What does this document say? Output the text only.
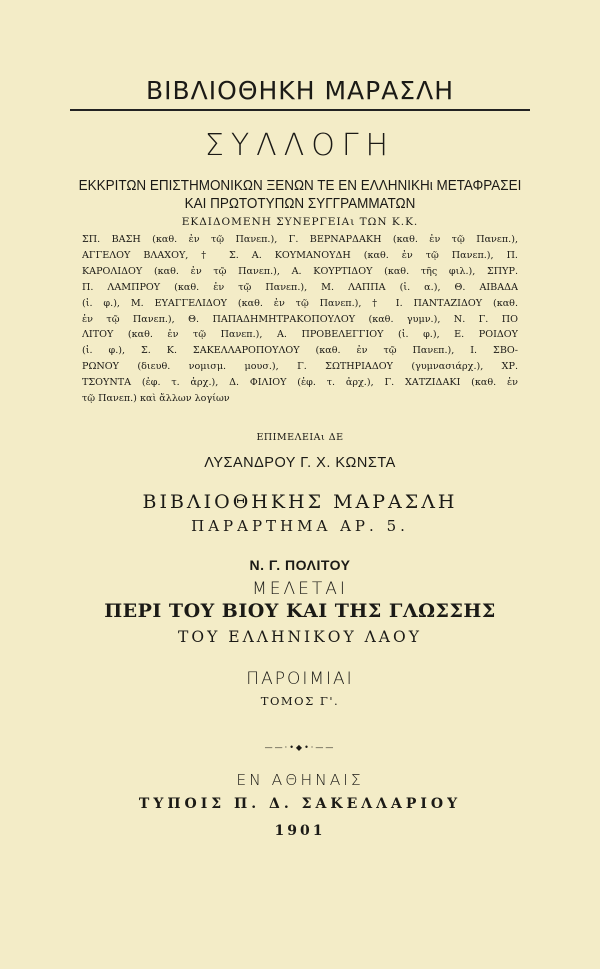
ΒΙΒΛΙΟΘΗΚΗ ΜΑΡΑΣΛΗ
ΣΥΛΛΟΓΗ
ΕΚΚΡΙΤΩΝ ΕΠΙΣΤΗΜΟΝΙΚΩΝ ΞΕΝΩΝ ΤΕ ΕΝ ΕΛΛΗΝΙΚΗι ΜΕΤΑΦΡΑΣΕΙ
ΚΑΙ ΠΡΩΤΟΤΥΠΩΝ ΣΥΓΓΡΑΜΜΑΤΩΝ
ΕΚΔΙΔΟΜΕΝΗ ΣΥΝΕΡΓΕΙΑι ΤΩΝ Κ.Κ.
ΣΠ. ΒΑΣΗ (καθ. ἐν τῷ Πανεπ.), Γ. ΒΕΡΝΑΡΔΑΚΗ (καθ. ἐν τῷ Πανεπ.),
ΑΓΓΕΛΟΥ ΒΛΑΧΟΥ, † Σ. Α. ΚΟΥΜΑΝΟΥΔΗ (καθ. ἐν τῷ Πανεπ.), Π.
ΚΑΡΟΛΙΔΟΥ (καθ. ἐν τῷ Πανεπ.), Α. ΚΟΥΡΤΙΔΟΥ (καθ. τῆς φιλ.), ΣΠΥΡ.
Π. ΛΑΜΠΡΟΥ (καθ. ἐν τῷ Πανεπ.), Μ. ΛΑΠΠΑ (ἰ. α.), Θ. ΑΙΒΑΔΑ
(ἰ. φ.), Μ. ΕΥΑΓΓΕΛΙΔΟΥ (καθ. ἐν τῷ Πανεπ.), † Ι. ΠΑΝΤΑΖΙΔΟΥ (καθ.
ἐν τῷ Πανεπ.), Θ. ΠΑΠΑΔΗΜΗΤΡΑΚΟΠΟΥΛΟΥ (καθ. γυμν.), Ν. Γ. ΠΟ
ΛΙΤΟΥ (καθ. ἐν τῷ Πανεπ.), Α. ΠΡΟΒΕΛΕΓΓΙΟΥ (ἰ. φ.), Ε. ΡΟΙΔΟΥ
(ἰ. φ.), Σ. Κ. ΣΑΚΕΛΛΑΡΟΠΟΥΛΟΥ (καθ. ἐν τῷ Πανεπ.), Ι. ΣΒΟ-
ΡΩΝΟΥ (διευθ. νομισμ. μουσ.), Γ. ΣΩΤΗΡΙΑΔΟΥ (γυμνασιάρχ.), ΧΡ.
ΤΣΟΥΝΤΑ (ἐφ. τ. ἀρχ.), Δ. ΦΙΛΙΟΥ (ἐφ. τ. ἀρχ.), Γ. ΧΑΤΖΙΔΑΚΙ (καθ. ἐν
τῷ Πανεπ.) καὶ ἄλλων λογίων
ΕΠΙΜΕΛΕΙΑι ΔΕ
ΛΥΣΑΝΔΡΟΥ Γ. Χ. ΚΩΝΣΤΑ
ΒΙΒΛΙΟΘΗΚΗΣ ΜΑΡΑΣΛΗ
ΠΑΡΑΡΤΗΜΑ ΑΡ. 5.
Ν. Γ. ΠΟΛΙΤΟΥ
ΜΕΛΕΤΑΙ
ΠΕΡΙ ΤΟΥ ΒΙΟΥ ΚΑΙ ΤΗΣ ΓΛΩΣΣΗΣ
ΤΟΥ ΕΛΛΗΝΙΚΟΥ ΛΑΟΥ
ΠΑΡΟΙΜΙΑΙ
ΤΟΜΟΣ Γ'.
——·•◆•·——
ΕΝ ΑΘΗΝΑΙΣ
ΤΥΠΟΙΣ Π. Δ. ΣΑΚΕΛΛΑΡΙΟΥ
1901
